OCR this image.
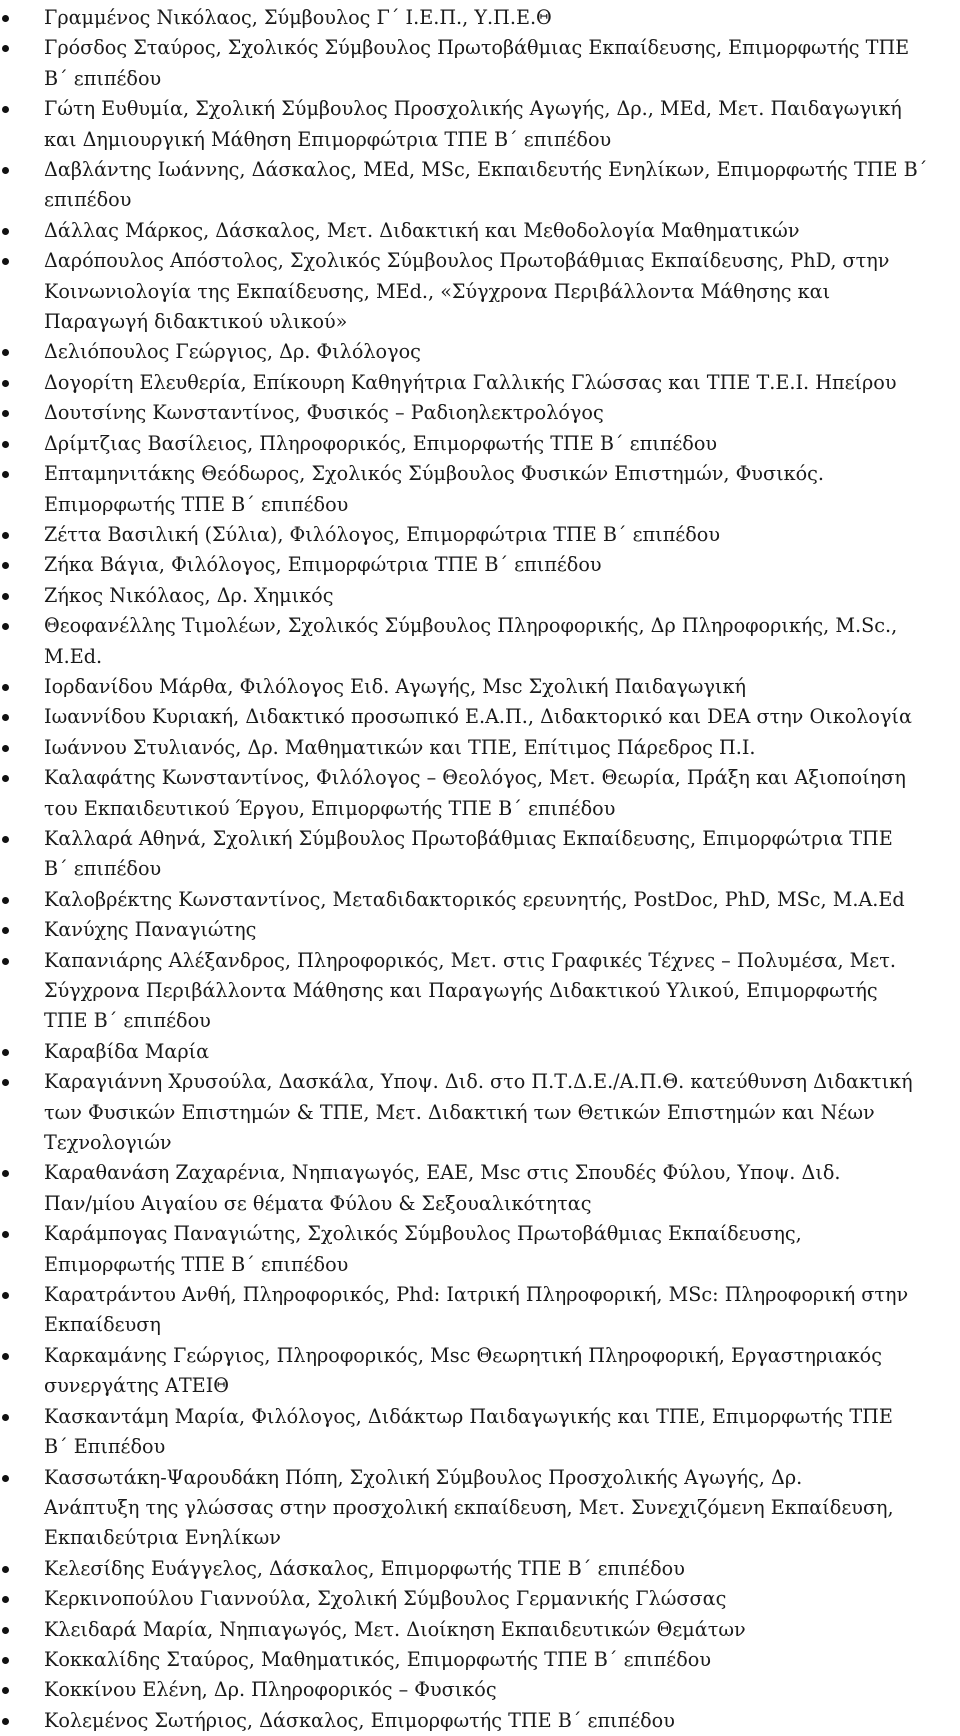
Γραμμένος Νικόλαος, Σύμβουλος Γ΄ Ι.Ε.Π., Υ.Π.Ε.Θ
Γρόσδος Σταύρος, Σχολικός Σύμβουλος Πρωτοβάθμιας Εκπαίδευσης, Επιμορφωτής ΤΠΕ
Β΄ επιπέδου
Γώτη Ευθυμία, Σχολική Σύμβουλος Προσχολικής Αγωγής, Δρ., MEd, Μετ. Παιδαγωγική
και Δημιουργική Μάθηση Επιμορφώτρια ΤΠΕ Β΄ επιπέδου
Δαβλάντης Ιωάννης, Δάσκαλος, MEd, MSc, Εκπαιδευτής Ενηλίκων, Επιμορφωτής ΤΠΕ Β΄
επιπέδου
Δάλλας Μάρκος, Δάσκαλος, Μετ. Διδακτική και Μεθοδολογία Μαθηματικών
Δαρόπουλος Απόστολος, Σχολικός Σύμβουλος Πρωτοβάθμιας Εκπαίδευσης, PhD, στην
Κοινωνιολογία της Εκπαίδευσης, MEd., «Σύγχρονα Περιβάλλοντα Μάθησης και
Παραγωγή διδακτικού υλικού»
Δελιόπουλος Γεώργιος, Δρ. Φιλόλογος
Δογορίτη Ελευθερία, Επίκουρη Καθηγήτρια Γαλλικής Γλώσσας και ΤΠΕ Τ.Ε.Ι. Ηπείρου
Δουτσίνης Κωνσταντίνος, Φυσικός – Ραδιοηλεκτρολόγος
Δρίμτζιας Βασίλειος, Πληροφορικός, Επιμορφωτής ΤΠΕ Β΄ επιπέδου
Επταμηνιτάκης Θεόδωρος, Σχολικός Σύμβουλος Φυσικών Επιστημών, Φυσικός.
Επιμορφωτής ΤΠΕ Β΄ επιπέδου
Ζέττα Βασιλική (Σύλια), Φιλόλογος, Επιμορφώτρια ΤΠΕ Β΄ επιπέδου
Ζήκα Βάγια, Φιλόλογος, Επιμορφώτρια ΤΠΕ Β΄ επιπέδου
Ζήκος Νικόλαος, Δρ. Χημικός
Θεοφανέλλης Τιμολέων, Σχολικός Σύμβουλος Πληροφορικής, Δρ Πληροφορικής, M.Sc.,
M.Ed.
Ιορδανίδου Μάρθα, Φιλόλογος Ειδ. Αγωγής, Msc Σχολική Παιδαγωγική
Ιωαννίδου Κυριακή, Διδακτικό προσωπικό Ε.Α.Π., Διδακτορικό και DEA στην Οικολογία
Ιωάννου Στυλιανός, Δρ. Μαθηματικών και ΤΠΕ, Επίτιμος Πάρεδρος Π.Ι.
Καλαφάτης Κωνσταντίνος, Φιλόλογος – Θεολόγος, Μετ. Θεωρία, Πράξη και Αξιοποίηση
του Εκπαιδευτικού Έργου, Επιμορφωτής ΤΠΕ Β΄ επιπέδου
Καλλαρά Αθηνά, Σχολική Σύμβουλος Πρωτοβάθμιας Εκπαίδευσης, Επιμορφώτρια ΤΠΕ
Β΄ επιπέδου
Καλοβρέκτης Κωνσταντίνος, Μεταδιδακτορικός ερευνητής, PostDoc, PhD, MSc, M.A.Ed
Κανύχης Παναγιώτης
Καπανιάρης Αλέξανδρος, Πληροφορικός, Μετ. στις Γραφικές Τέχνες – Πολυμέσα, Μετ.
Σύγχρονα Περιβάλλοντα Μάθησης και Παραγωγής Διδακτικού Υλικού, Επιμορφωτής
ΤΠΕ Β΄ επιπέδου
Καραβίδα Μαρία
Καραγιάννη Χρυσούλα, Δασκάλα, Υποψ. Διδ. στο Π.Τ.Δ.Ε./Α.Π.Θ. κατεύθυνση Διδακτική
των Φυσικών Επιστημών & ΤΠΕ, Μετ. Διδακτική των Θετικών Επιστημών και Νέων
Τεχνολογιών
Καραθανάση Ζαχαρένια, Νηπιαγωγός, ΕΑΕ, Msc στις Σπουδές Φύλου, Υποψ. Διδ.
Παν/μίου Αιγαίου σε θέματα Φύλου & Σεξουαλικότητας
Καράμπογας Παναγιώτης, Σχολικός Σύμβουλος Πρωτοβάθμιας Εκπαίδευσης,
Επιμορφωτής ΤΠΕ Β΄ επιπέδου
Καρατράντου Ανθή, Πληροφορικός, Phd: Ιατρική Πληροφορική, MSc: Πληροφορική στην
Εκπαίδευση
Καρκαμάνης Γεώργιος, Πληροφορικός, Msc Θεωρητική Πληροφορική, Εργαστηριακός
συνεργάτης ΑΤΕΙΘ
Κασκαντάμη Μαρία, Φιλόλογος, Διδάκτωρ Παιδαγωγικής και ΤΠΕ, Επιμορφωτής ΤΠΕ
Β΄ Επιπέδου
Κασσωτάκη-Ψαρουδάκη Πόπη, Σχολική Σύμβουλος Προσχολικής Αγωγής, Δρ.
Ανάπτυξη της γλώσσας στην προσχολική εκπαίδευση, Μετ. Συνεχιζόμενη Εκπαίδευση,
Εκπαιδεύτρια Ενηλίκων
Κελεσίδης Ευάγγελος, Δάσκαλος, Επιμορφωτής ΤΠΕ Β΄ επιπέδου
Κερκινοπούλου Γιαννούλα, Σχολική Σύμβουλος Γερμανικής Γλώσσας
Κλειδαρά Μαρία, Νηπιαγωγός, Μετ. Διοίκηση Εκπαιδευτικών Θεμάτων
Κοκκαλίδης Σταύρος, Μαθηματικός, Επιμορφωτής ΤΠΕ Β΄ επιπέδου
Κοκκίνου Ελένη, Δρ. Πληροφορικός – Φυσικός
Κολεμένος Σωτήριος, Δάσκαλος, Επιμορφωτής ΤΠΕ Β΄ επιπέδου
